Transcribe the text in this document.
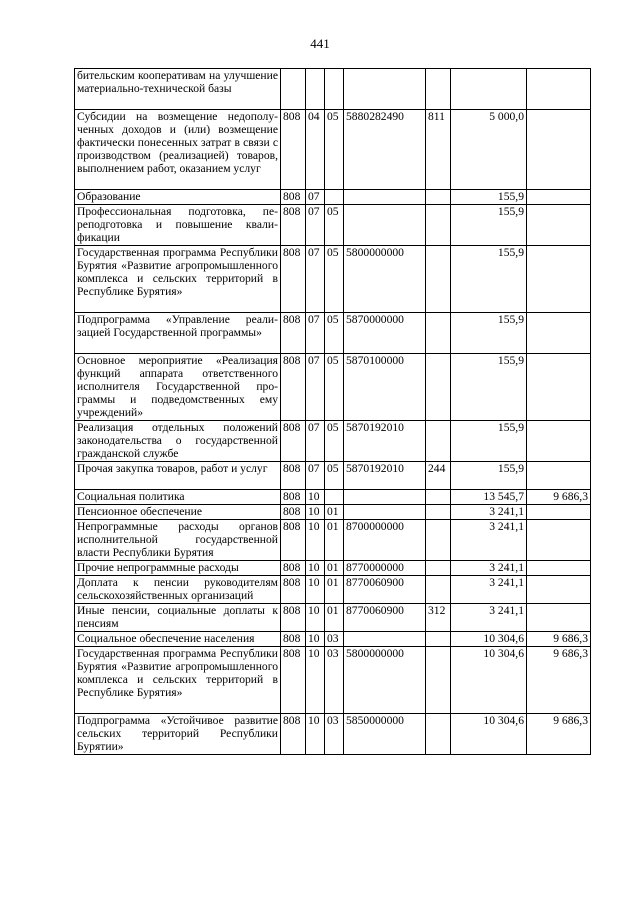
441
бительским кооперативам на улучшение материально-технической базы							
Субсидии на возмещение недополученных доходов и (или) возмещение фактически понесенных затрат в связи с производством (реализацией) товаров, выполнением работ, оказанием услуг	808	04	05	5880282490	811	5 000,0	
Образование	808	07				155,9	
Профессиональная подготовка, переподготовка и повышение квалификации	808	07	05			155,9	
Государственная программа Республики Бурятия «Развитие агропромышленного комплекса и сельских территорий в Республике Бурятия»	808	07	05	5800000000		155,9	
Подпрограмма «Управление реализацией Государственной программы»	808	07	05	5870000000		155,9	
Основное мероприятие «Реализация функций аппарата ответственного исполнителя Государственной программы и подведомственных ему учреждений»	808	07	05	5870100000		155,9	
Реализация отдельных положений законодательства о государственной гражданской службе	808	07	05	5870192010		155,9	
Прочая закупка товаров, работ и услуг	808	07	05	5870192010	244	155,9	
Социальная политика	808	10				13 545,7	9 686,3
Пенсионное обеспечение	808	10	01			3 241,1	
Непрограммные расходы органов исполнительной государственной власти Республики Бурятия	808	10	01	8700000000		3 241,1	
Прочие непрограммные расходы	808	10	01	8770000000		3 241,1	
Доплата к пенсии руководителям сельскохозяйственных организаций	808	10	01	8770060900		3 241,1	
Иные пенсии, социальные доплаты к пенсиям	808	10	01	8770060900	312	3 241,1	
Социальное обеспечение населения	808	10	03			10 304,6	9 686,3
Государственная программа Республики Бурятия «Развитие агропромышленного комплекса и сельских территорий в Республике Бурятия»	808	10	03	5800000000		10 304,6	9 686,3
Подпрограмма «Устойчивое развитие сельских территорий Республики Бурятии»	808	10	03	5850000000		10 304,6	9 686,3
